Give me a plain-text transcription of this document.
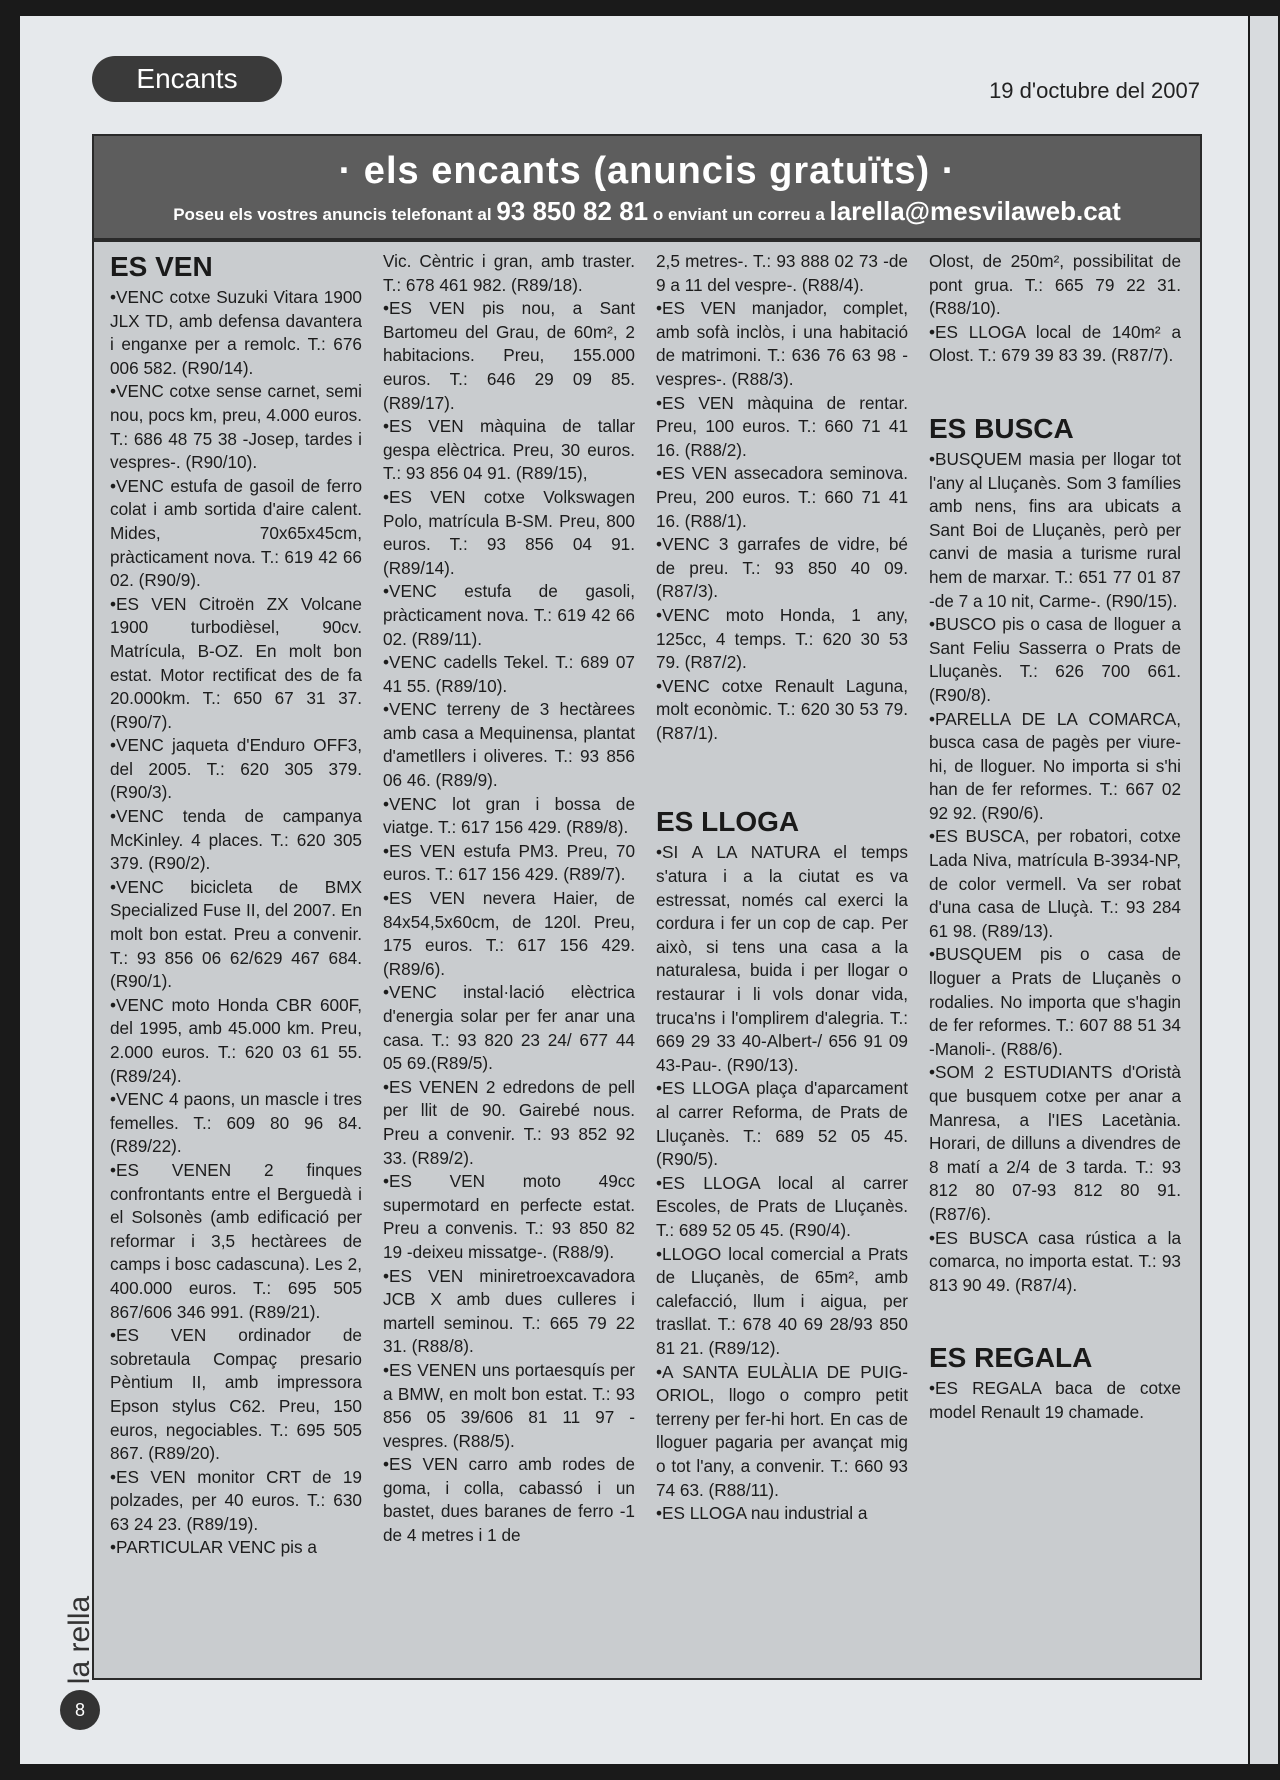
Encants	19 d'octubre del 2007
· els encants (anuncis gratuïts) ·
Poseu els vostres anuncis telefonant al 93 850 82 81 o enviant un correu a larella@mesvilaweb.cat
ES VEN

•VENC cotxe Suzuki Vitara 1900 JLX TD, amb defensa davantera i enganxe per a remolc. T.: 676 006 582. (R90/14).

•VENC cotxe sense carnet, semi nou, pocs km, preu, 4.000 euros. T.: 686 48 75 38 -Josep, tardes i vespres-. (R90/10).

•VENC estufa de gasoil de ferro colat i amb sortida d'aire calent. Mides, 70x65x45cm, pràcticament nova. T.: 619 42 66 02. (R90/9).

•ES VEN Citroën ZX Volcane 1900 turbodièsel, 90cv. Matrícula, B-OZ. En molt bon estat. Motor rectificat des de fa 20.000km. T.: 650 67 31 37. (R90/7).

•VENC jaqueta d'Enduro OFF3, del 2005. T.: 620 305 379. (R90/3).

•VENC tenda de campanya McKinley. 4 places. T.: 620 305 379. (R90/2).

•VENC bicicleta de BMX Specialized Fuse II, del 2007. En molt bon estat. Preu a convenir. T.: 93 856 06 62/629 467 684. (R90/1).

•VENC moto Honda CBR 600F, del 1995, amb 45.000 km. Preu, 2.000 euros. T.: 620 03 61 55. (R89/24).

•VENC 4 paons, un mascle i tres femelles. T.: 609 80 96 84. (R89/22).

•ES VENEN 2 finques confrontants entre el Berguedà i el Solsonès (amb edificació per reformar i 3,5 hectàrees de camps i bosc cadascuna). Les 2, 400.000 euros. T.: 695 505 867/606 346 991. (R89/21).

•ES VEN ordinador de sobretaula Compaç presario Pèntium II, amb impressora Epson stylus C62. Preu, 150 euros, negociables. T.: 695 505 867. (R89/20).

•ES VEN monitor CRT de 19 polzades, per 40 euros. T.: 630 63 24 23. (R89/19).

•PARTICULAR VENC pis a

Vic. Cèntric i gran, amb traster. T.: 678 461 982. (R89/18).

•ES VEN pis nou, a Sant Bartomeu del Grau, de 60m², 2 habitacions. Preu, 155.000 euros. T.: 646 29 09 85. (R89/17).

•ES VEN màquina de tallar gespa elèctrica. Preu, 30 euros. T.: 93 856 04 91. (R89/15),

•ES VEN cotxe Volkswagen Polo, matrícula B-SM. Preu, 800 euros. T.: 93 856 04 91. (R89/14).

•VENC estufa de gasoli, pràcticament nova. T.: 619 42 66 02. (R89/11).

•VENC cadells Tekel. T.: 689 07 41 55. (R89/10).

•VENC terreny de 3 hectàrees amb casa a Mequinensa, plantat d'ametllers i oliveres. T.: 93 856 06 46. (R89/9).

•VENC lot gran i bossa de viatge. T.: 617 156 429. (R89/8).

•ES VEN estufa PM3. Preu, 70 euros. T.: 617 156 429. (R89/7).

•ES VEN nevera Haier, de 84x54,5x60cm, de 120l. Preu, 175 euros. T.: 617 156 429. (R89/6).

•VENC instal·lació elèctrica d'energia solar per fer anar una casa. T.: 93 820 23 24/ 677 44 05 69.(R89/5).

•ES VENEN 2 edredons de pell per llit de 90. Gairebé nous. Preu a convenir. T.: 93 852 92 33. (R89/2).

•ES VEN moto 49cc supermotard en perfecte estat. Preu a convenis. T.: 93 850 82 19 -deixeu missatge-. (R88/9).

•ES VEN miniretroexcavadora JCB X amb dues culleres i martell seminou. T.: 665 79 22 31. (R88/8).

•ES VENEN uns portaesquís per a BMW, en molt bon estat. T.: 93 856 05 39/606 81 11 97 -vespres. (R88/5).

•ES VEN carro amb rodes de goma, i colla, cabassó i un bastet, dues baranes de ferro -1 de 4 metres i 1 de

2,5 metres-. T.: 93 888 02 73 -de 9 a 11 del vespre-. (R88/4).

•ES VEN manjador, complet, amb sofà inclòs, i una habitació de matrimoni. T.: 636 76 63 98 -vespres-. (R88/3).

•ES VEN màquina de rentar. Preu, 100 euros. T.: 660 71 41 16. (R88/2).

•ES VEN assecadora seminova. Preu, 200 euros. T.: 660 71 41 16. (R88/1).

•VENC 3 garrafes de vidre, bé de preu. T.: 93 850 40 09. (R87/3).

•VENC moto Honda, 1 any, 125cc, 4 temps. T.: 620 30 53 79. (R87/2).

•VENC cotxe Renault Laguna, molt econòmic. T.: 620 30 53 79. (R87/1).

ES LLOGA

•SI A LA NATURA el temps s'atura i a la ciutat es va estressat, només cal exerci la cordura i fer un cop de cap. Per això, si tens una casa a la naturalesa, buida i per llogar o restaurar i li vols donar vida, truca'ns i l'omplirem d'alegria. T.: 669 29 33 40-Albert-/ 656 91 09 43-Pau-. (R90/13).

•ES LLOGA plaça d'aparcament al carrer Reforma, de Prats de Lluçanès. T.: 689 52 05 45. (R90/5).

•ES LLOGA local al carrer Escoles, de Prats de Lluçanès. T.: 689 52 05 45. (R90/4).

•LLOGO local comercial a Prats de Lluçanès, de 65m², amb calefacció, llum i aigua, per trasllat. T.: 678 40 69 28/93 850 81 21. (R89/12).

•A SANTA EULÀLIA DE PUIG-ORIOL, llogo o compro petit terreny per fer-hi hort. En cas de lloguer pagaria per avançat mig o tot l'any, a convenir. T.: 660 93 74 63. (R88/11).

•ES LLOGA nau industrial a

Olost, de 250m², possibilitat de pont grua. T.: 665 79 22 31. (R88/10).

•ES LLOGA local de 140m² a Olost. T.: 679 39 83 39. (R87/7).

ES BUSCA

•BUSQUEM masia per llogar tot l'any al Lluçanès. Som 3 famílies amb nens, fins ara ubicats a Sant Boi de Lluçanès, però per canvi de masia a turisme rural hem de marxar. T.: 651 77 01 87 -de 7 a 10 nit, Carme-. (R90/15).

•BUSCO pis o casa de lloguer a Sant Feliu Sasserra o Prats de Lluçanès. T.: 626 700 661. (R90/8).

•PARELLA DE LA COMARCA, busca casa de pagès per viure-hi, de lloguer. No importa si s'hi han de fer reformes. T.: 667 02 92 92. (R90/6).

•ES BUSCA, per robatori, cotxe Lada Niva, matrícula B-3934-NP, de color vermell. Va ser robat d'una casa de Lluçà. T.: 93 284 61 98. (R89/13).

•BUSQUEM pis o casa de lloguer a Prats de Lluçanès o rodalies. No importa que s'hagin de fer reformes. T.: 607 88 51 34 -Manoli-. (R88/6).

•SOM 2 ESTUDIANTS d'Oristà que busquem cotxe per anar a Manresa, a l'IES Lacetània. Horari, de dilluns a divendres de 8 matí a 2/4 de 3 tarda. T.: 93 812 80 07-93 812 80 91. (R87/6).

•ES BUSCA casa rústica a la comarca, no importa estat. T.: 93 813 90 49. (R87/4).

ES REGALA

•ES REGALA baca de cotxe model Renault 19 chamade.

la rella
8
